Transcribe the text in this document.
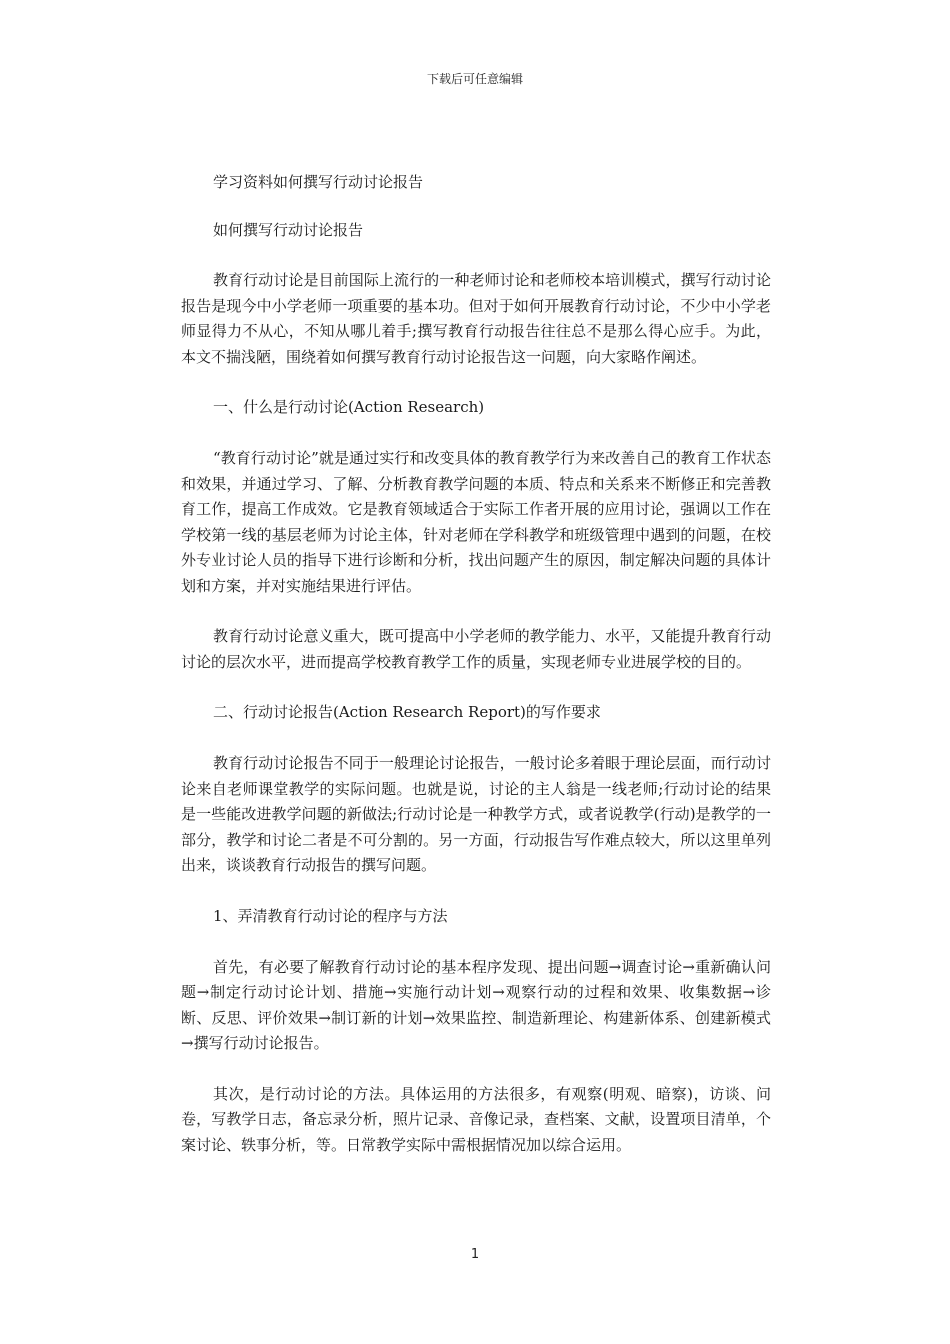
下载后可任意编辑
学习资料如何撰写行动讨论报告
如何撰写行动讨论报告

教育行动讨论是目前国际上流行的一种老师讨论和老师校本培训模式，撰写行动讨论报告是现今中小学老师一项重要的基本功。但对于如何开展教育行动讨论，不少中小学老师显得力不从心，不知从哪儿着手;撰写教育行动报告往往总不是那么得心应手。为此，本文不揣浅陋，围绕着如何撰写教育行动讨论报告这一问题，向大家略作阐述。

一、什么是行动讨论(Action Research)

“教育行动讨论”就是通过实行和改变具体的教育教学行为来改善自己的教育工作状态和效果，并通过学习、了解、分析教育教学问题的本质、特点和关系来不断修正和完善教育工作，提高工作成效。它是教育领域适合于实际工作者开展的应用讨论，强调以工作在学校第一线的基层老师为讨论主体，针对老师在学科教学和班级管理中遇到的问题，在校外专业讨论人员的指导下进行诊断和分析，找出问题产生的原因，制定解决问题的具体计划和方案，并对实施结果进行评估。

教育行动讨论意义重大，既可提高中小学老师的教学能力、水平，又能提升教育行动讨论的层次水平，进而提高学校教育教学工作的质量，实现老师专业进展学校的目的。

二、行动讨论报告(Action Research Report)的写作要求

教育行动讨论报告不同于一般理论讨论报告，一般讨论多着眼于理论层面，而行动讨论来自老师课堂教学的实际问题。也就是说，讨论的主人翁是一线老师;行动讨论的结果是一些能改进教学问题的新做法;行动讨论是一种教学方式，或者说教学(行动)是教学的一部分，教学和讨论二者是不可分割的。另一方面，行动报告写作难点较大，所以这里单列出来，谈谈教育行动报告的撰写问题。

1、弄清教育行动讨论的程序与方法

首先，有必要了解教育行动讨论的基本程序发现、提出问题→调查讨论→重新确认问题→制定行动讨论计划、措施→实施行动计划→观察行动的过程和效果、收集数据→诊断、反思、评价效果→制订新的计划→效果监控、制造新理论、构建新体系、创建新模式→撰写行动讨论报告。

其次，是行动讨论的方法。具体运用的方法很多，有观察(明观、暗察)，访谈、问卷，写教学日志，备忘录分析，照片记录、音像记录，查档案、文献，设置项目清单，个案讨论、轶事分析，等。日常教学实际中需根据情况加以综合运用。

1
